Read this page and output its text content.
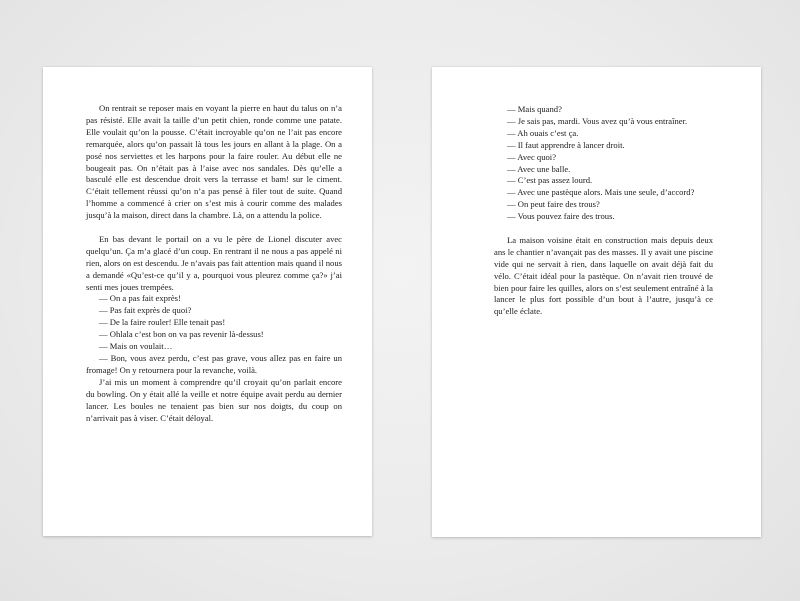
On rentrait se reposer mais en voyant la pierre en haut du talus on n’a pas résisté. Elle avait la taille d’un petit chien, ronde comme une patate. Elle voulait qu’on la pousse. C’était incroyable qu’on ne l’ait pas encore remarquée, alors qu’on passait là tous les jours en allant à la plage. On a posé nos serviettes et les harpons pour la faire rouler. Au début elle ne bougeait pas. On n’était pas à l’aise avec nos sandales. Dès qu’elle a basculé elle est descendue droit vers la terrasse et bam! sur le ciment. C’était tellement réussi qu’on n’a pas pensé à filer tout de suite. Quand l’homme a commencé à crier on s’est mis à courir comme des malades jusqu’à la maison, direct dans la chambre. Là, on a attendu la police.

En bas devant le portail on a vu le père de Lionel discuter avec quelqu’un. Ça m’a glacé d’un coup. En rentrant il ne nous a pas appelé ni rien, alors on est descendu. Je n’avais pas fait attention mais quand il nous a demandé «Qu’est-ce qu’il y a, pourquoi vous pleurez comme ça?» j’ai senti mes joues trempées.

— On a pas fait exprès!

— Pas fait exprès de quoi?

— De la faire rouler! Elle tenait pas!

— Ohlala c’est bon on va pas revenir là-dessus!

— Mais on voulait…

— Bon, vous avez perdu, c’est pas grave, vous allez pas en faire un fromage! On y retournera pour la revanche, voilà.

J’ai mis un moment à comprendre qu’il croyait qu’on parlait encore du bowling. On y était allé la veille et notre équipe avait perdu au dernier lancer. Les boules ne tenaient pas bien sur nos doigts, du coup on n’arrivait pas à viser. C’était déloyal.

— Mais quand?

— Je sais pas, mardi. Vous avez qu’à vous entraîner.

— Ah ouais c’est ça.

— Il faut apprendre à lancer droit.

— Avec quoi?

— Avec une balle.

— C’est pas assez lourd.

— Avec une pastèque alors. Mais une seule, d’accord?

— On peut faire des trous?

— Vous pouvez faire des trous.

La maison voisine était en construction mais depuis deux ans le chantier n’avançait pas des masses. Il y avait une piscine vide qui ne servait à rien, dans laquelle on avait déjà fait du vélo. C’était idéal pour la pastèque. On n’avait rien trouvé de bien pour faire les quilles, alors on s’est seulement entraîné à la lancer le plus fort possible d’un bout à l’autre, jusqu’à ce qu’elle éclate.
